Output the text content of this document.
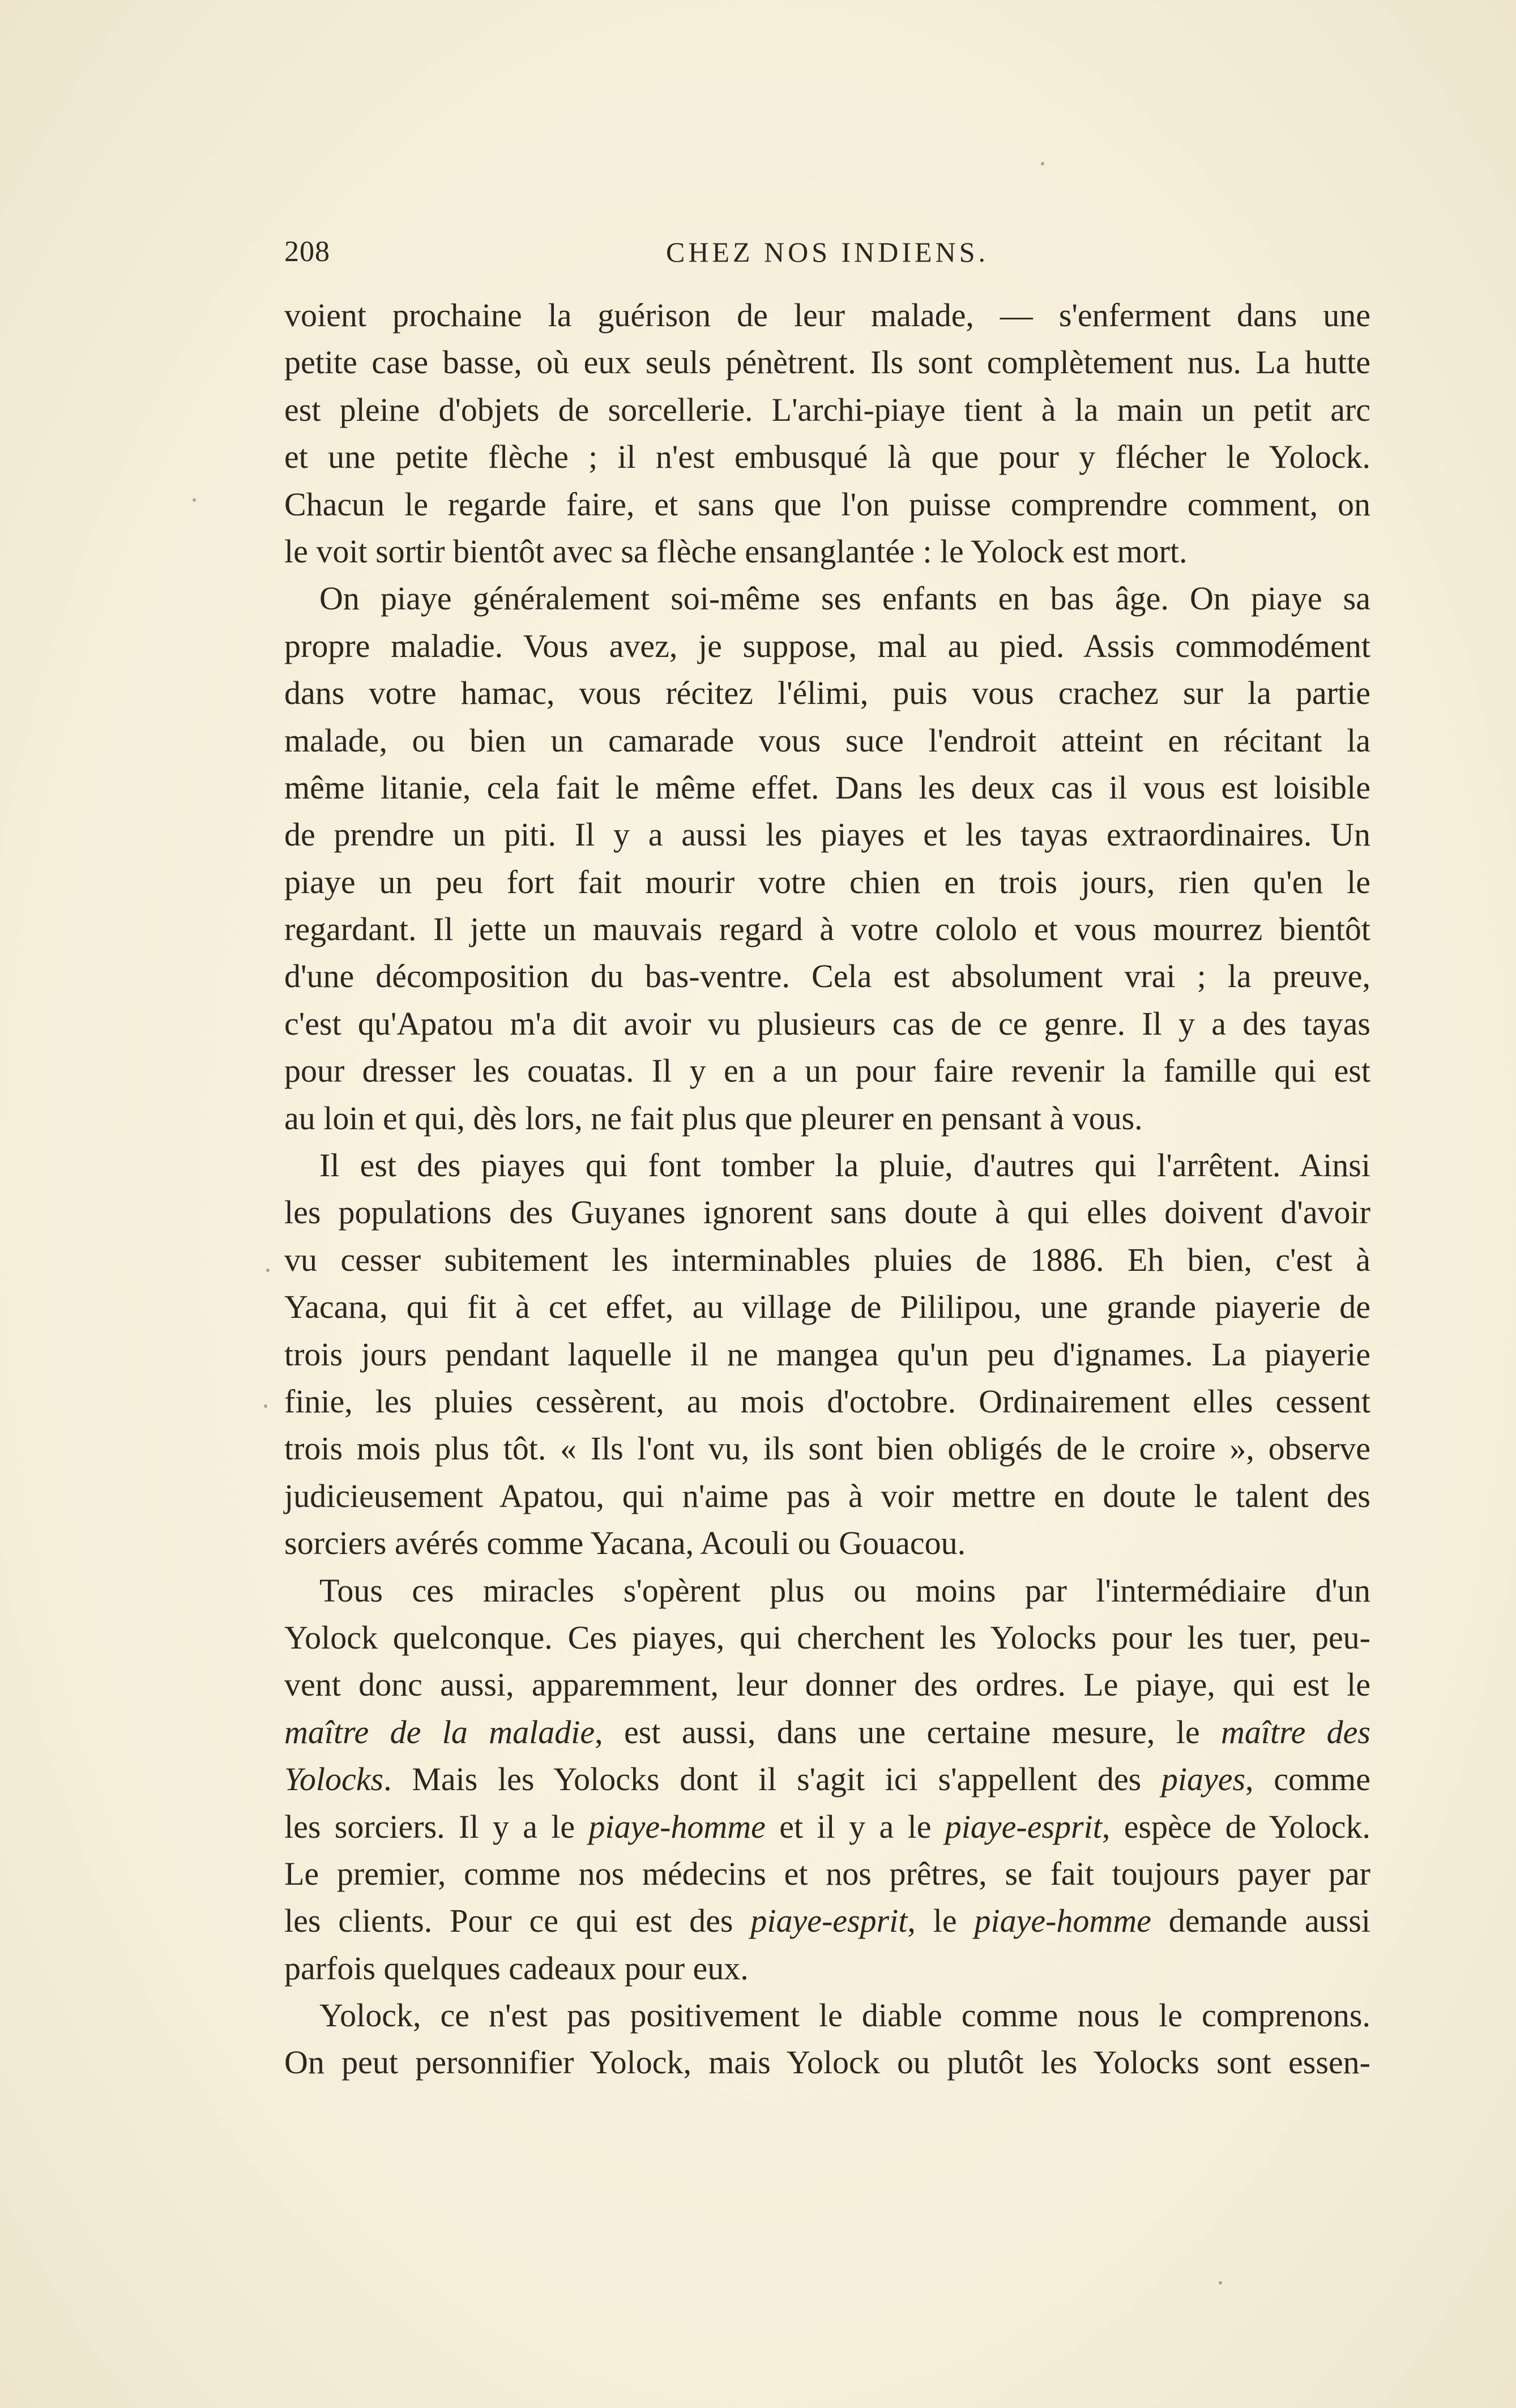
208	CHEZ NOS INDIENS.
voient prochaine la guérison de leur malade, — s'enferment dans une
petite case basse, où eux seuls pénètrent. Ils sont complètement nus. La hutte
est pleine d'objets de sorcellerie. L'archi-piaye tient à la main un petit arc
et une petite flèche ; il n'est embusqué là que pour y flécher le Yolock.
Chacun le regarde faire, et sans que l'on puisse comprendre comment, on
le voit sortir bientôt avec sa flèche ensanglantée : le Yolock est mort.
On piaye généralement soi-même ses enfants en bas âge. On piaye sa
propre maladie. Vous avez, je suppose, mal au pied. Assis commodément
dans votre hamac, vous récitez l'élimi, puis vous crachez sur la partie
malade, ou bien un camarade vous suce l'endroit atteint en récitant la
même litanie, cela fait le même effet. Dans les deux cas il vous est loisible
de prendre un piti. Il y a aussi les piayes et les tayas extraordinaires. Un
piaye un peu fort fait mourir votre chien en trois jours, rien qu'en le
regardant. Il jette un mauvais regard à votre cololo et vous mourrez bientôt
d'une décomposition du bas-ventre. Cela est absolument vrai ; la preuve,
c'est qu'Apatou m'a dit avoir vu plusieurs cas de ce genre. Il y a des tayas
pour dresser les couatas. Il y en a un pour faire revenir la famille qui est
au loin et qui, dès lors, ne fait plus que pleurer en pensant à vous.
Il est des piayes qui font tomber la pluie, d'autres qui l'arrêtent. Ainsi
les populations des Guyanes ignorent sans doute à qui elles doivent d'avoir
vu cesser subitement les interminables pluies de 1886. Eh bien, c'est à
Yacana, qui fit à cet effet, au village de Pililipou, une grande piayerie de
trois jours pendant laquelle il ne mangea qu'un peu d'ignames. La piayerie
finie, les pluies cessèrent, au mois d'octobre. Ordinairement elles cessent
trois mois plus tôt. « Ils l'ont vu, ils sont bien obligés de le croire », observe
judicieusement Apatou, qui n'aime pas à voir mettre en doute le talent des
sorciers avérés comme Yacana, Acouli ou Gouacou.
Tous ces miracles s'opèrent plus ou moins par l'intermédiaire d'un
Yolock quelconque. Ces piayes, qui cherchent les Yolocks pour les tuer, peu-
vent donc aussi, apparemment, leur donner des ordres. Le piaye, qui est le
maître de la maladie, est aussi, dans une certaine mesure, le maître des
Yolocks. Mais les Yolocks dont il s'agit ici s'appellent des piayes, comme
les sorciers. Il y a le piaye-homme et il y a le piaye-esprit, espèce de Yolock.
Le premier, comme nos médecins et nos prêtres, se fait toujours payer par
les clients. Pour ce qui est des piaye-esprit, le piaye-homme demande aussi
parfois quelques cadeaux pour eux.
Yolock, ce n'est pas positivement le diable comme nous le comprenons.
On peut personnifier Yolock, mais Yolock ou plutôt les Yolocks sont essen-
